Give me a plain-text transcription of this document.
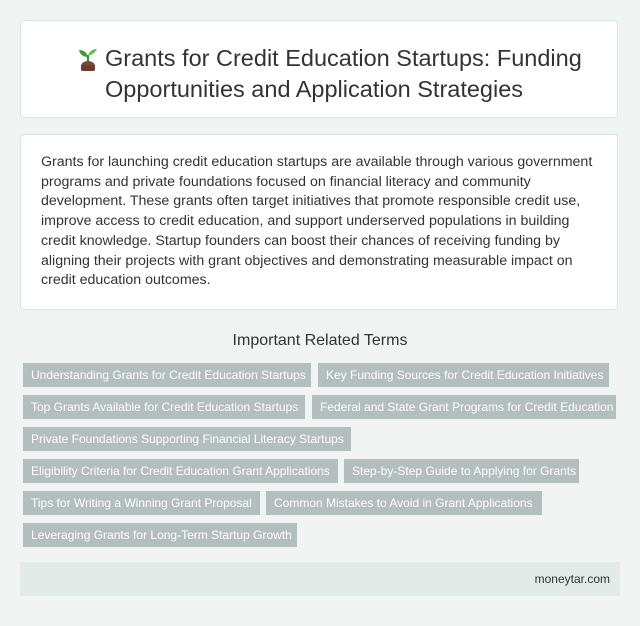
Grants for Credit Education Startups: Funding Opportunities and Application Strategies

Grants for launching credit education startups are available through various government programs and private foundations focused on financial literacy and community development. These grants often target initiatives that promote responsible credit use, improve access to credit education, and support underserved populations in building credit knowledge. Startup founders can boost their chances of receiving funding by aligning their projects with grant objectives and demonstrating measurable impact on credit education outcomes.

Important Related Terms
Understanding Grants for Credit Education Startups	Key Funding Sources for Credit Education Initiatives
Top Grants Available for Credit Education Startups	Federal and State Grant Programs for Credit Education
Private Foundations Supporting Financial Literacy Startups
Eligibility Criteria for Credit Education Grant Applications	Step-by-Step Guide to Applying for Grants
Tips for Writing a Winning Grant Proposal	Common Mistakes to Avoid in Grant Applications
Leveraging Grants for Long-Term Startup Growth
moneytar.com
